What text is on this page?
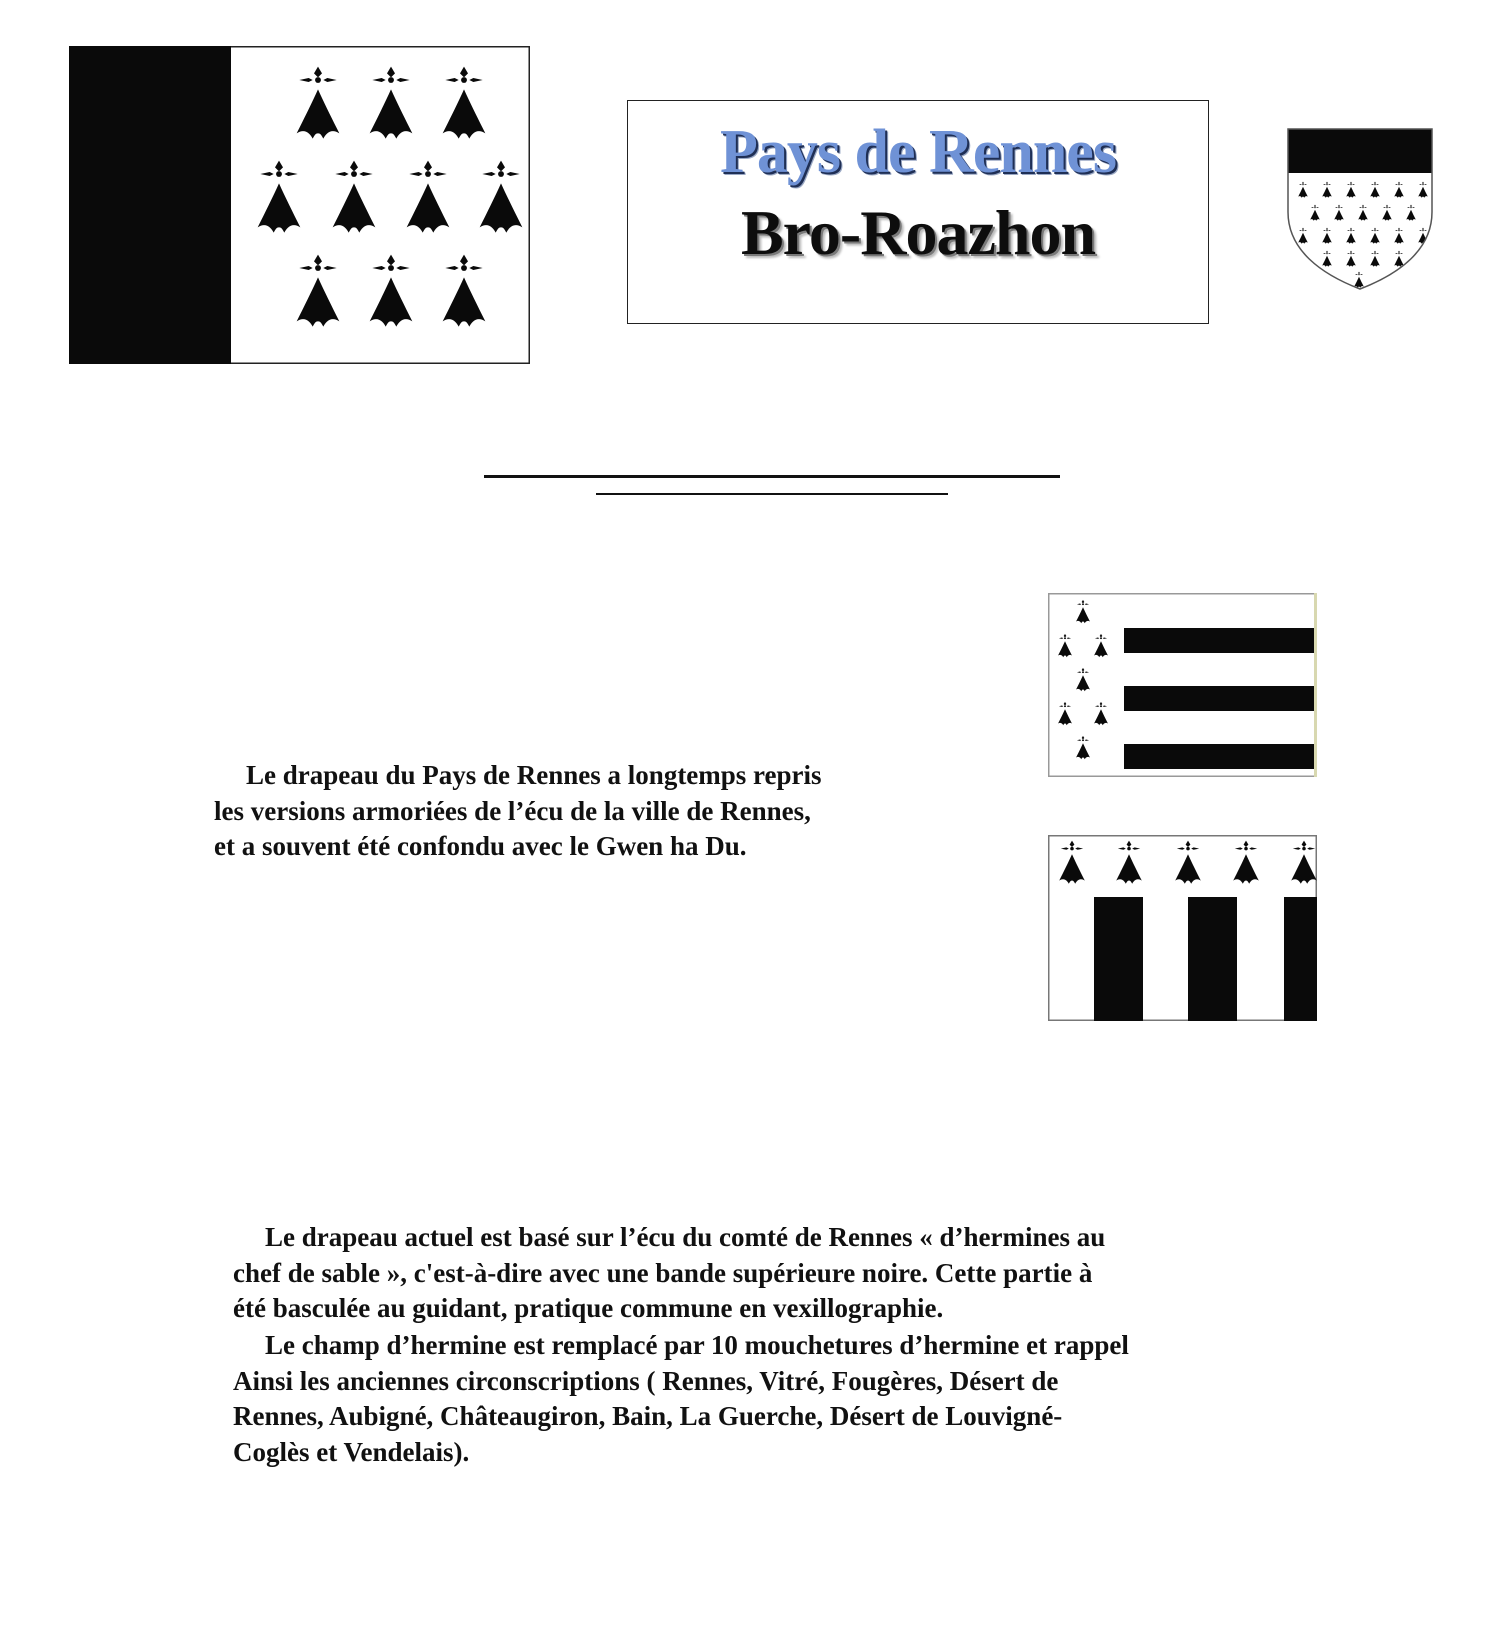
Pays de Rennes
Bro-Roazhon

Le drapeau du Pays de Rennes a longtemps repris
les versions armoriées de l’écu de la ville de Rennes,
et a souvent été confondu avec le Gwen ha Du.

Le drapeau actuel est basé sur l’écu du comté de Rennes « d’hermines au
chef de sable », c'est-à-dire avec une bande supérieure noire. Cette partie à
été basculée au guidant, pratique commune en vexillographie.

Le champ d’hermine est remplacé par 10 mouchetures d’hermine et rappel
Ainsi les anciennes circonscriptions ( Rennes, Vitré, Fougères, Désert de
Rennes, Aubigné, Châteaugiron, Bain, La Guerche, Désert de Louvigné-
Coglès et Vendelais).
